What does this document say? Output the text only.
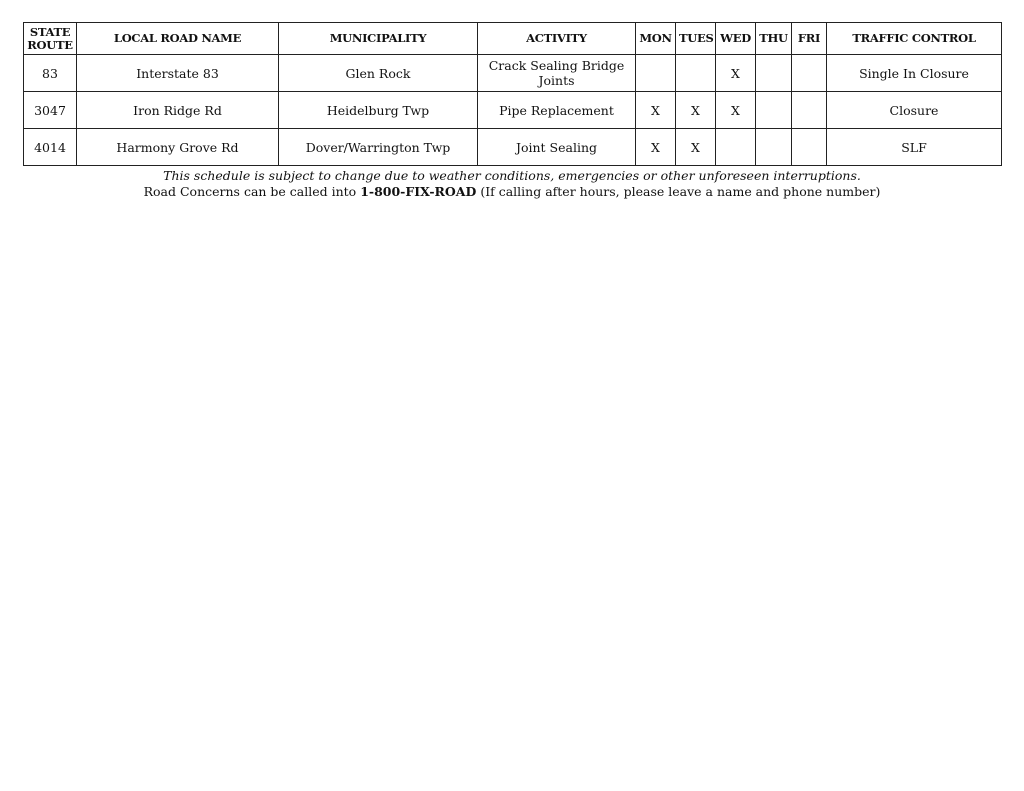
STATE
ROUTE	LOCAL ROAD NAME	MUNICIPALITY	ACTIVITY	MON	TUES	WED	THU	FRI	TRAFFIC CONTROL
83	Interstate 83	Glen Rock	Crack Sealing Bridge Joints			X			Single In Closure
3047	Iron Ridge Rd	Heidelburg Twp	Pipe Replacement	X	X	X			Closure
4014	Harmony Grove Rd	Dover/Warrington Twp	Joint Sealing	X	X				SLF
This schedule is subject to change due to weather conditions, emergencies or other unforeseen interruptions.
Road Concerns can be called into 1-800-FIX-ROAD (If calling after hours, please leave a name and phone number)
